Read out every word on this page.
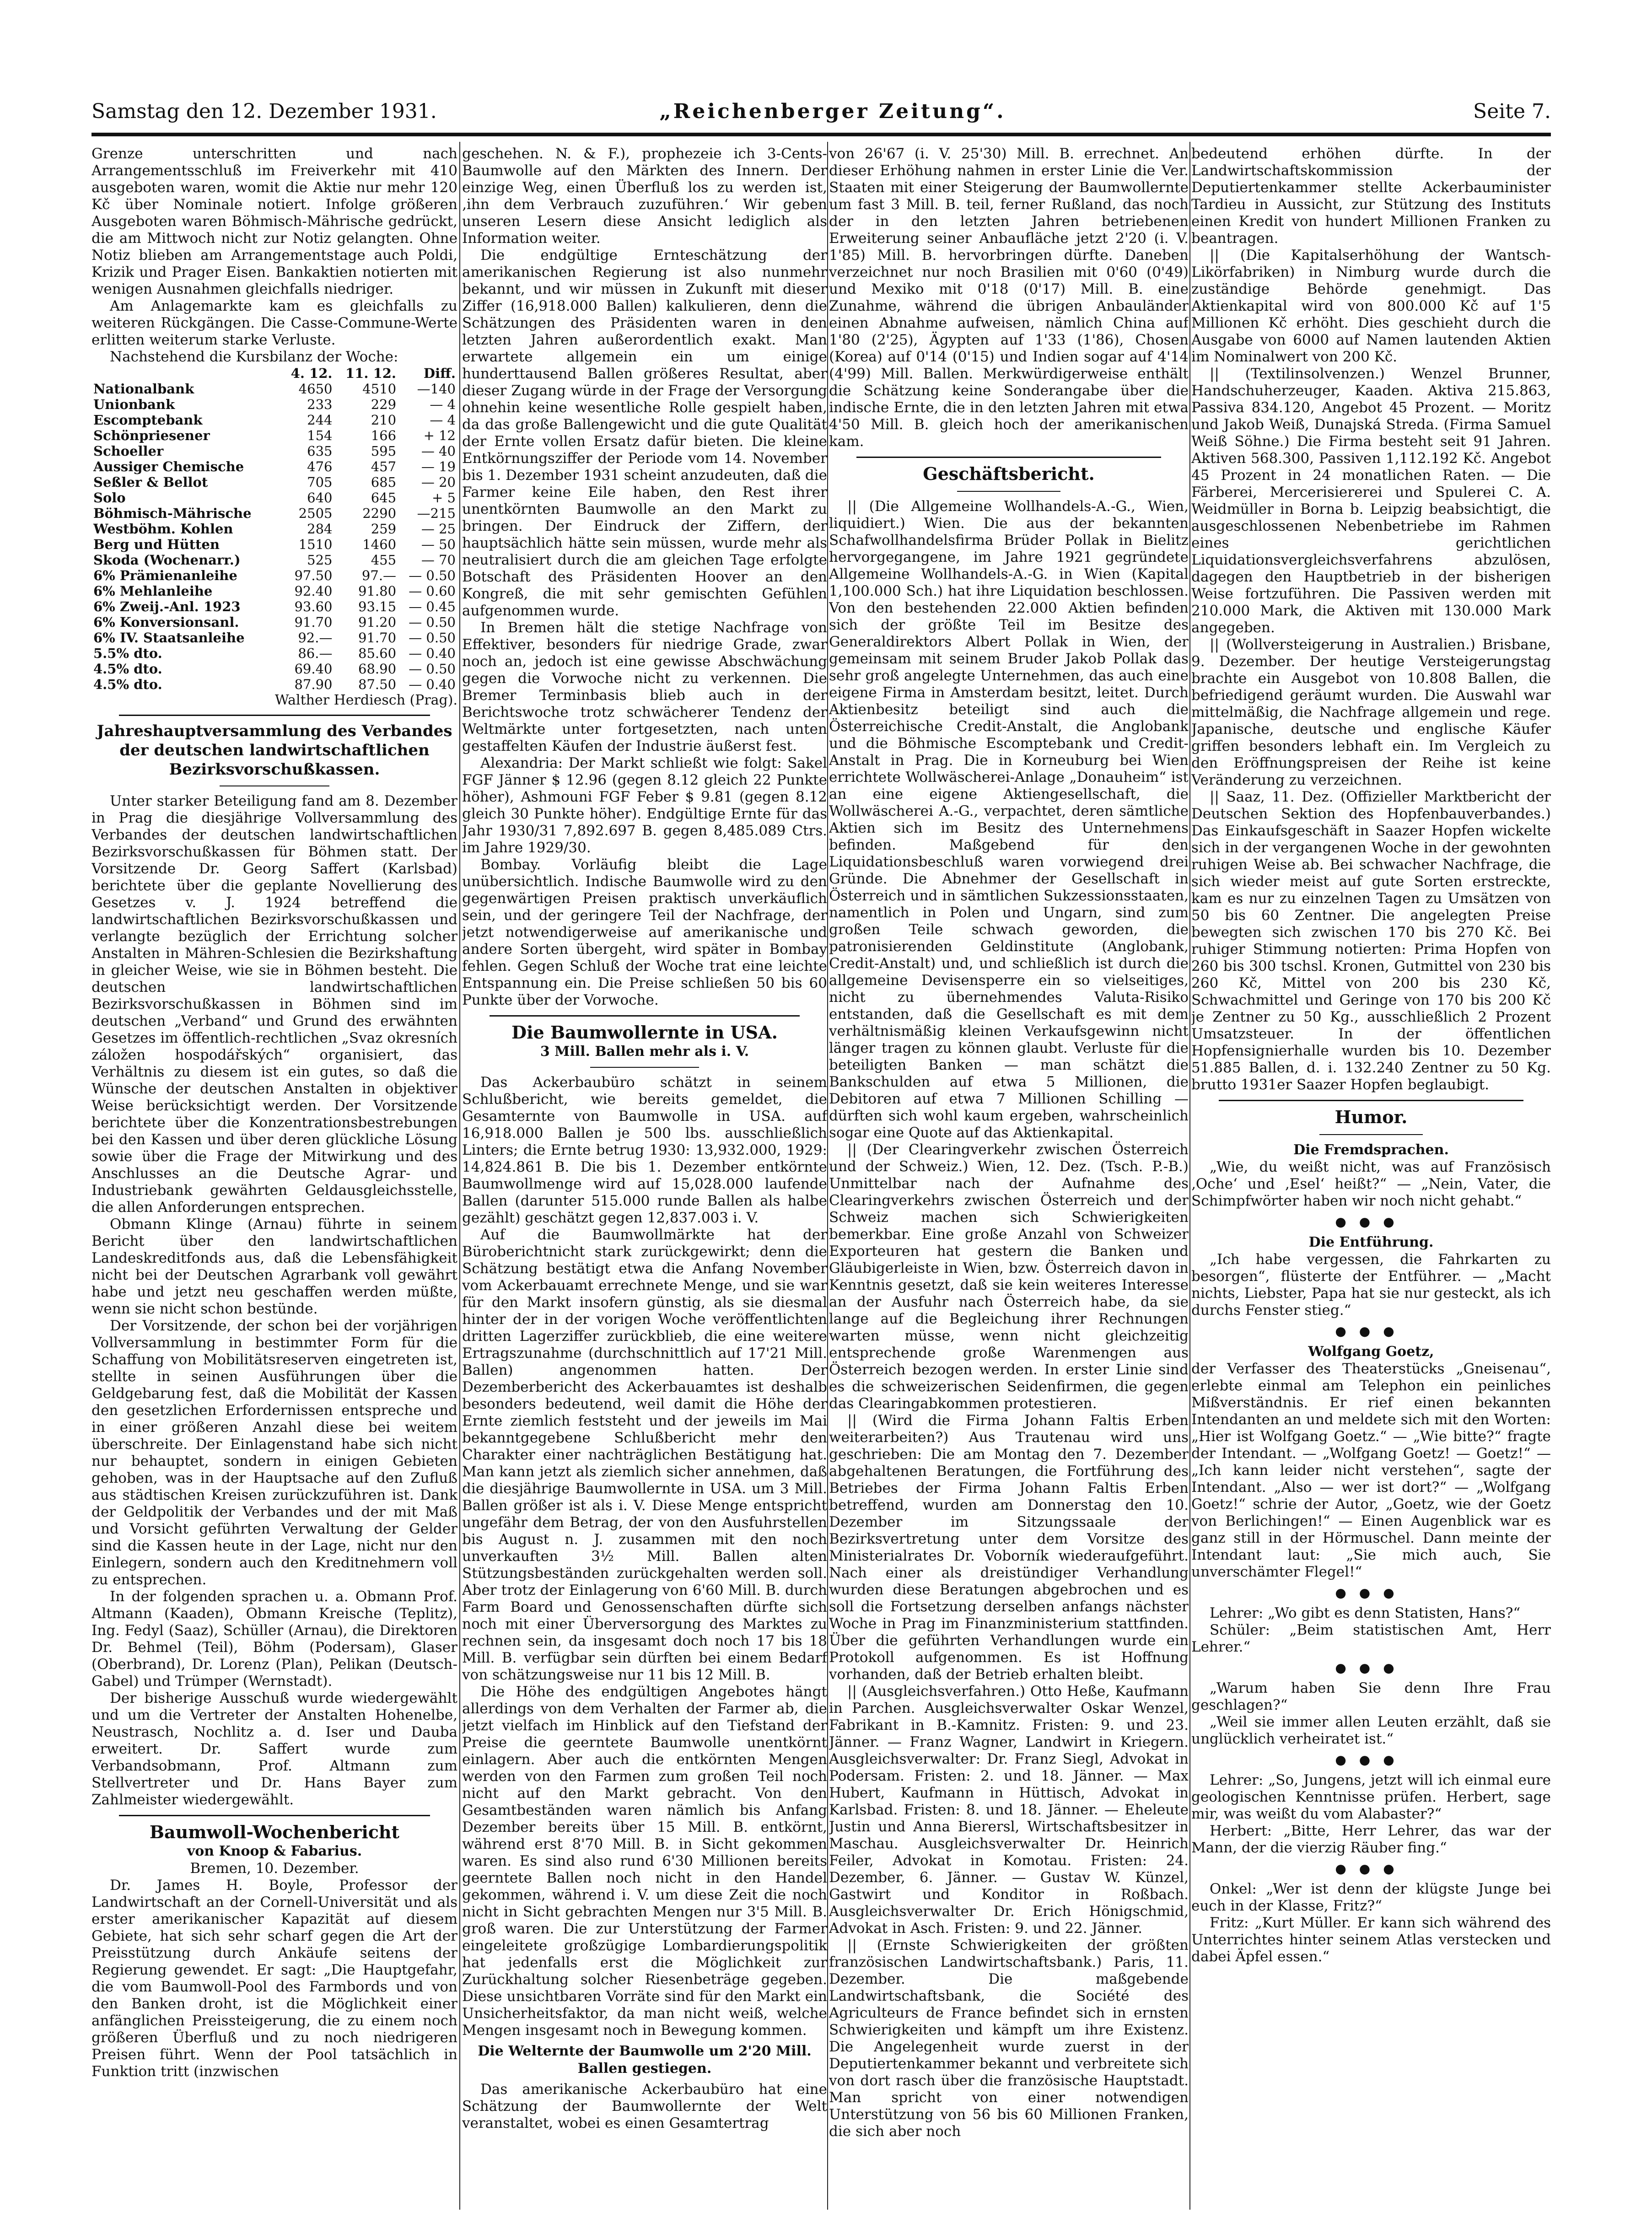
Samstag den 12. Dezember 1931.	„Reichenberger Zeitung“.	Seite 7.

Grenze unterschritten und nach Arrangementsschluß im Freiverkehr mit 410 ausgeboten waren, womit die Aktie nur mehr 120 Kč über Nominale notiert. Infolge größeren Ausgeboten waren Böhmisch-Mährische gedrückt, die am Mittwoch nicht zur Notiz gelangten. Ohne Notiz blieben am Arrangementstage auch Poldi, Krizik und Prager Eisen. Bankaktien notierten mit wenigen Ausnahmen gleichfalls niedriger.

Am Anlagemarkte kam es gleichfalls zu weiteren Rückgängen. Die Casse-Commune-Werte erlitten weiterum starke Verluste.

Nachstehend die Kursbilanz der Woche:

	4. 12.	11. 12.	Diff.
Nationalbank	4650	4510	—140
Unionbank	233	229	— 4
Escomptebank	244	210	— 4
Schönpriesener	154	166	+ 12
Schoeller	635	595	— 40
Aussiger Chemische	476	457	— 19
Seßler & Bellot	705	685	— 20
Solo	640	645	+ 5
Böhmisch-Mährische	2505	2290	—215
Westböhm. Kohlen	284	259	— 25
Berg und Hütten	1510	1460	— 50
Skoda (Wochenarr.)	525	455	— 70
6% Prämienanleihe	97.50	97.—	— 0.50
6% Mehlanleihe	92.40	91.80	— 0.60
6% Zweij.-Anl. 1923	93.60	93.15	— 0.45
6% Konversionsanl.	91.70	91.20	— 0.50
6% IV. Staatsanleihe	92.—	91.70	— 0.50
5.5% dto.	86.—	85.60	— 0.40
4.5% dto.	69.40	68.90	— 0.50
4.5% dto.	87.90	87.50	— 0.40

Walther Herdiesch (Prag).

Jahreshauptversammlung des Verbandes der deutschen landwirtschaftlichen Bezirksvorschußkassen.

Unter starker Beteiligung fand am 8. Dezember in Prag die diesjährige Vollversammlung des Verbandes der deutschen landwirtschaftlichen Bezirksvorschußkassen für Böhmen statt. Der Vorsitzende Dr. Georg Saffert (Karlsbad) berichtete über die geplante Novellierung des Gesetzes v. J. 1924 betreffend die landwirtschaftlichen Bezirksvorschußkassen und verlangte bezüglich der Errichtung solcher Anstalten in Mähren-Schlesien die Bezirkshaftung in gleicher Weise, wie sie in Böhmen besteht. Die deutschen landwirtschaftlichen Bezirksvorschußkassen in Böhmen sind im deutschen „Verband“ und Grund des erwähnten Gesetzes im öffentlich-rechtlichen „Svaz okresních záložen hospodářských“ organisiert, das Verhältnis zu diesem ist ein gutes, so daß die Wünsche der deutschen Anstalten in objektiver Weise berücksichtigt werden. Der Vorsitzende berichtete über die Konzentrationsbestrebungen bei den Kassen und über deren glückliche Lösung sowie über die Frage der Mitwirkung und des Anschlusses an die Deutsche Agrar- und Industriebank gewährten Geldausgleichsstelle, die allen Anforderungen entsprechen.

Obmann Klinge (Arnau) führte in seinem Bericht über den landwirtschaftlichen Landeskreditfonds aus, daß die Lebensfähigkeit nicht bei der Deutschen Agrarbank voll gewährt habe und jetzt neu geschaffen werden müßte, wenn sie nicht schon bestünde.

Der Vorsitzende, der schon bei der vorjährigen Vollversammlung in bestimmter Form für die Schaffung von Mobilitätsreserven eingetreten ist, stellte in seinen Ausführungen über die Geldgebarung fest, daß die Mobilität der Kassen den gesetzlichen Erfordernissen entspreche und in einer größeren Anzahl diese bei weitem überschreite. Der Einlagenstand habe sich nicht nur behauptet, sondern in einigen Gebieten gehoben, was in der Hauptsache auf den Zufluß aus städtischen Kreisen zurückzuführen ist. Dank der Geldpolitik der Verbandes und der mit Maß und Vorsicht geführten Verwaltung der Gelder sind die Kassen heute in der Lage, nicht nur den Einlegern, sondern auch den Kreditnehmern voll zu entsprechen.

In der folgenden sprachen u. a. Obmann Prof. Altmann (Kaaden), Obmann Kreische (Teplitz), Ing. Fedyl (Saaz), Schüller (Arnau), die Direktoren Dr. Behmel (Teil), Böhm (Podersam), Glaser (Oberbrand), Dr. Lorenz (Plan), Pelikan (Deutsch-Gabel) und Trümper (Wernstadt).

Der bisherige Ausschuß wurde wiedergewählt und um die Vertreter der Anstalten Hohenelbe, Neustrasch, Nochlitz a. d. Iser und Dauba erweitert. Dr. Saffert wurde zum Verbandsobmann, Prof. Altmann zum Stellvertreter und Dr. Hans Bayer zum Zahlmeister wiedergewählt.

Baumwoll-Wochenbericht

von Knoop & Fabarius.

Bremen, 10. Dezember.

Dr. James H. Boyle, Professor der Landwirtschaft an der Cornell-Universität und als erster amerikanischer Kapazität auf diesem Gebiete, hat sich sehr scharf gegen die Art der Preisstützung durch Ankäufe seitens der Regierung gewendet. Er sagt: „Die Hauptgefahr, die vom Baumwoll-Pool des Farmbords und von den Banken droht, ist die Möglichkeit einer anfänglichen Preissteigerung, die zu einem noch größeren Überfluß und zu noch niedrigeren Preisen führt. Wenn der Pool tatsächlich in Funktion tritt (inzwischen

geschehen. N. & F.), prophezeie ich 3-Cents-Baumwolle auf den Märkten des Innern. Der einzige Weg, einen Überfluß los zu werden ist, ‚ihn dem Verbrauch zuzuführen.‘ Wir geben unseren Lesern diese Ansicht lediglich als Information weiter.

Die endgültige Ernteschätzung der amerikanischen Regierung ist also nunmehr bekannt, und wir müssen in Zukunft mit dieser Ziffer (16,918.000 Ballen) kalkulieren, denn die Schätzungen des Präsidenten waren in den letzten Jahren außerordentlich exakt. Man erwartete allgemein ein um einige hunderttausend Ballen größeres Resultat, aber dieser Zugang würde in der Frage der Versorgung ohnehin keine wesentliche Rolle gespielt haben, da das große Ballengewicht und die gute Qualität der Ernte vollen Ersatz dafür bieten. Die kleine Entkörnungsziffer der Periode vom 14. November bis 1. Dezember 1931 scheint anzudeuten, daß die Farmer keine Eile haben, den Rest ihrer unentkörnten Baumwolle an den Markt zu bringen. Der Eindruck der Ziffern, der hauptsächlich hätte sein müssen, wurde mehr als neutralisiert durch die am gleichen Tage erfolgte Botschaft des Präsidenten Hoover an den Kongreß, die mit sehr gemischten Gefühlen aufgenommen wurde.

In Bremen hält die stetige Nachfrage von Effektiver, besonders für niedrige Grade, zwar noch an, jedoch ist eine gewisse Abschwächung gegen die Vorwoche nicht zu verkennen. Die Bremer Terminbasis blieb auch in der Berichtswoche trotz schwächerer Tendenz der Weltmärkte unter fortgesetzten, nach unten gestaffelten Käufen der Industrie äußerst fest.

Alexandria: Der Markt schließt wie folgt: Sakel FGF Jänner $ 12.96 (gegen 8.12 gleich 22 Punkte höher), Ashmouni FGF Feber $ 9.81 (gegen 8.12 gleich 30 Punkte höher). Endgültige Ernte für das Jahr 1930/31 7,892.697 B. gegen 8,485.089 Ctrs. im Jahre 1929/30.

Bombay. Vorläufig bleibt die Lage unübersichtlich. Indische Baumwolle wird zu den gegenwärtigen Preisen praktisch unverkäuflich sein, und der geringere Teil der Nachfrage, der jetzt notwendigerweise auf amerikanische und andere Sorten übergeht, wird später in Bombay fehlen. Gegen Schluß der Woche trat eine leichte Entspannung ein. Die Preise schließen 50 bis 60 Punkte über der Vorwoche.

Die Baumwollernte in USA.

3 Mill. Ballen mehr als i. V.

Das Ackerbaubüro schätzt in seinem Schlußbericht, wie bereits gemeldet, die Gesamternte von Baumwolle in USA. auf 16,918.000 Ballen je 500 lbs. ausschließlich Linters; die Ernte betrug 1930: 13,932.000, 1929: 14,824.861 B. Die bis 1. Dezember entkörnte Baumwollmenge wird auf 15,028.000 laufende Ballen (darunter 515.000 runde Ballen als halbe gezählt) geschätzt gegen 12,837.003 i. V.

Auf die Baumwollmärkte hat der Büroberichtnicht stark zurückgewirkt; denn die Schätzung bestätigt etwa die Anfang November vom Ackerbauamt errechnete Menge, und sie war für den Markt insofern günstig, als sie diesmal hinter der in der vorigen Woche veröffentlichten dritten Lagerziffer zurückblieb, die eine weitere Ertragszunahme (durchschnittlich auf 17'21 Mill. Ballen) angenommen hatten. Der Dezemberbericht des Ackerbauamtes ist deshalb besonders bedeutend, weil damit die Höhe der Ernte ziemlich feststeht und der jeweils im Mai bekanntgegebene Schlußbericht mehr den Charakter einer nachträglichen Bestätigung hat. Man kann jetzt als ziemlich sicher annehmen, daß die diesjährige Baumwollernte in USA. um 3 Mill. Ballen größer ist als i. V. Diese Menge entspricht ungefähr dem Betrag, der von den Ausfuhrstellen bis August n. J. zusammen mit den noch unverkauften 3½ Mill. Ballen alten Stützungsbeständen zurückgehalten werden soll. Aber trotz der Einlagerung von 6'60 Mill. B. durch Farm Board und Genossenschaften dürfte sich noch mit einer Überversorgung des Marktes zu rechnen sein, da insgesamt doch noch 17 bis 18 Mill. B. verfügbar sein dürften bei einem Bedarf von schätzungsweise nur 11 bis 12 Mill. B.

Die Höhe des endgültigen Angebotes hängt allerdings von dem Verhalten der Farmer ab, die jetzt vielfach im Hinblick auf den Tiefstand der Preise die geerntete Baumwolle unentkörnt einlagern. Aber auch die entkörnten Mengen werden von den Farmen zum großen Teil noch nicht auf den Markt gebracht. Von den Gesamtbeständen waren nämlich bis Anfang Dezember bereits über 15 Mill. B. entkörnt, während erst 8'70 Mill. B. in Sicht gekommen waren. Es sind also rund 6'30 Millionen bereits geerntete Ballen noch nicht in den Handel gekommen, während i. V. um diese Zeit die noch nicht in Sicht gebrachten Mengen nur 3'5 Mill. B. groß waren. Die zur Unterstützung der Farmer eingeleitete großzügige Lombardierungspolitik hat jedenfalls erst die Möglichkeit zur Zurückhaltung solcher Riesenbeträge gegeben. Diese unsichtbaren Vorräte sind für den Markt ein Unsicherheitsfaktor, da man nicht weiß, welche Mengen insgesamt noch in Bewegung kommen.

Die Welternte der Baumwolle um 2'20 Mill. Ballen gestiegen.

Das amerikanische Ackerbaubüro hat eine Schätzung der Baumwollernte der Welt veranstaltet, wobei es einen Gesamtertrag

von 26'67 (i. V. 25'30) Mill. B. errechnet. An dieser Erhöhung nahmen in erster Linie die Ver. Staaten mit einer Steigerung der Baumwollernte um fast 3 Mill. B. teil, ferner Rußland, das noch der in den letzten Jahren betriebenen Erweiterung seiner Anbaufläche jetzt 2'20 (i. V. 1'85) Mill. B. hervorbringen dürfte. Daneben verzeichnet nur noch Brasilien mit 0'60 (0'49) und Mexiko mit 0'18 (0'17) Mill. B. eine Zunahme, während die übrigen Anbauländer einen Abnahme aufweisen, nämlich China auf 1'80 (2'25), Ägypten auf 1'33 (1'86), Chosen (Korea) auf 0'14 (0'15) und Indien sogar auf 4'14 (4'99) Mill. Ballen. Merkwürdigerweise enthält die Schätzung keine Sonderangabe über die indische Ernte, die in den letzten Jahren mit etwa 4'50 Mill. B. gleich hoch der amerikanischen kam.

Geschäftsbericht.

|| (Die Allgemeine Wollhandels-A.-G., Wien, liquidiert.) Wien. Die aus der bekannten Schafwollhandelsfirma Brüder Pollak in Bielitz hervorgegangene, im Jahre 1921 gegründete Allgemeine Wollhandels-A.-G. in Wien (Kapital 1,100.000 Sch.) hat ihre Liquidation beschlossen. Von den bestehenden 22.000 Aktien befinden sich der größte Teil im Besitze des Generaldirektors Albert Pollak in Wien, der gemeinsam mit seinem Bruder Jakob Pollak das sehr groß angelegte Unternehmen, das auch eine eigene Firma in Amsterdam besitzt, leitet. Durch Aktienbesitz beteiligt sind auch die Österreichische Credit-Anstalt, die Anglobank und die Böhmische Escomptebank und Credit-Anstalt in Prag. Die in Korneuburg bei Wien errichtete Wollwäscherei-Anlage „Donauheim“ ist an eine eigene Aktiengesellschaft, die Wollwäscherei A.-G., verpachtet, deren sämtliche Aktien sich im Besitz des Unternehmens befinden. Maßgebend für den Liquidationsbeschluß waren vorwiegend drei Gründe. Die Abnehmer der Gesellschaft in Österreich und in sämtlichen Sukzessionsstaaten, namentlich in Polen und Ungarn, sind zum großen Teile schwach geworden, die patronisierenden Geldinstitute (Anglobank, Credit-Anstalt) und, und schließlich ist durch die allgemeine Devisensperre ein so vielseitiges, nicht zu übernehmendes Valuta-Risiko entstanden, daß die Gesellschaft es mit dem verhältnismäßig kleinen Verkaufsgewinn nicht länger tragen zu können glaubt. Verluste für die beteiligten Banken — man schätzt die Bankschulden auf etwa 5 Millionen, die Debitoren auf etwa 7 Millionen Schilling — dürften sich wohl kaum ergeben, wahrscheinlich sogar eine Quote auf das Aktienkapital.

|| (Der Clearingverkehr zwischen Österreich und der Schweiz.) Wien, 12. Dez. (Tsch. P.-B.) Unmittelbar nach der Aufnahme des Clearingverkehrs zwischen Österreich und der Schweiz machen sich Schwierigkeiten bemerkbar. Eine große Anzahl von Schweizer Exporteuren hat gestern die Banken und Gläubigerleiste in Wien, bzw. Österreich davon in Kenntnis gesetzt, daß sie kein weiteres Interesse an der Ausfuhr nach Österreich habe, da sie lange auf die Begleichung ihrer Rechnungen warten müsse, wenn nicht gleichzeitig entsprechende große Warenmengen aus Österreich bezogen werden. In erster Linie sind es die schweizerischen Seidenfirmen, die gegen das Clearingabkommen protestieren.

|| (Wird die Firma Johann Faltis Erben weiterarbeiten?) Aus Trautenau wird uns geschrieben: Die am Montag den 7. Dezember abgehaltenen Beratungen, die Fortführung des Betriebes der Firma Johann Faltis Erben betreffend, wurden am Donnerstag den 10. Dezember im Sitzungssaale der Bezirksvertretung unter dem Vorsitze des Ministerialrates Dr. Voborník wiederaufgeführt. Nach einer als dreistündiger Verhandlung wurden diese Beratungen abgebrochen und es soll die Fortsetzung derselben anfangs nächster Woche in Prag im Finanzministerium stattfinden. Über die geführten Verhandlungen wurde ein Protokoll aufgenommen. Es ist Hoffnung vorhanden, daß der Betrieb erhalten bleibt.

|| (Ausgleichsverfahren.) Otto Heße, Kaufmann in Parchen. Ausgleichsverwalter Oskar Wenzel, Fabrikant in B.-Kamnitz. Fristen: 9. und 23. Jänner. — Franz Wagner, Landwirt in Kriegern. Ausgleichsverwalter: Dr. Franz Siegl, Advokat in Podersam. Fristen: 2. und 18. Jänner. — Max Hubert, Kaufmann in Hüttisch, Advokat in Karlsbad. Fristen: 8. und 18. Jänner. — Eheleute Justin und Anna Bierersl, Wirtschaftsbesitzer in Maschau. Ausgleichsverwalter Dr. Heinrich Feiler, Advokat in Komotau. Fristen: 24. Dezember, 6. Jänner. — Gustav W. Künzel, Gastwirt und Konditor in Roßbach. Ausgleichsverwalter Dr. Erich Hönigschmid, Advokat in Asch. Fristen: 9. und 22. Jänner.

|| (Ernste Schwierigkeiten der größten französischen Landwirtschaftsbank.) Paris, 11. Dezember. Die maßgebende Landwirtschaftsbank, die Société des Agriculteurs de France befindet sich in ernsten Schwierigkeiten und kämpft um ihre Existenz. Die Angelegenheit wurde zuerst in der Deputiertenkammer bekannt und verbreitete sich von dort rasch über die französische Hauptstadt. Man spricht von einer notwendigen Unterstützung von 56 bis 60 Millionen Franken, die sich aber noch

bedeutend erhöhen dürfte. In der Landwirtschaftskommission der Deputiertenkammer stellte Ackerbauminister Tardieu in Aussicht, zur Stützung des Instituts einen Kredit von hundert Millionen Franken zu beantragen.

|| (Die Kapitalserhöhung der Wantsch-Likörfabriken) in Nimburg wurde durch die zuständige Behörde genehmigt. Das Aktienkapital wird von 800.000 Kč auf 1'5 Millionen Kč erhöht. Dies geschieht durch die Ausgabe von 6000 auf Namen lautenden Aktien im Nominalwert von 200 Kč.

|| (Textilinsolvenzen.) Wenzel Brunner, Handschuherzeuger, Kaaden. Aktiva 215.863, Passiva 834.120, Angebot 45 Prozent. — Moritz und Jakob Weiß, Dunajská Streda. (Firma Samuel Weiß Söhne.) Die Firma besteht seit 91 Jahren. Aktiven 568.300, Passiven 1,112.192 Kč. Angebot 45 Prozent in 24 monatlichen Raten. — Die Färberei, Mercerisiererei und Spulerei C. A. Weidmüller in Borna b. Leipzig beabsichtigt, die ausgeschlossenen Nebenbetriebe im Rahmen eines gerichtlichen Liquidationsvergleichsverfahrens abzulösen, dagegen den Hauptbetrieb in der bisherigen Weise fortzuführen. Die Passiven werden mit 210.000 Mark, die Aktiven mit 130.000 Mark angegeben.

|| (Wollversteigerung in Australien.) Brisbane, 9. Dezember. Der heutige Versteigerungstag brachte ein Ausgebot von 10.808 Ballen, die befriedigend geräumt wurden. Die Auswahl war mittelmäßig, die Nachfrage allgemein und rege. Japanische, deutsche und englische Käufer griffen besonders lebhaft ein. Im Vergleich zu den Eröffnungspreisen der Reihe ist keine Veränderung zu verzeichnen.

|| Saaz, 11. Dez. (Offizieller Marktbericht der Deutschen Sektion des Hopfenbauverbandes.) Das Einkaufsgeschäft in Saazer Hopfen wickelte sich in der vergangenen Woche in der gewohnten ruhigen Weise ab. Bei schwacher Nachfrage, die sich wieder meist auf gute Sorten erstreckte, kam es nur zu einzelnen Tagen zu Umsätzen von 50 bis 60 Zentner. Die angelegten Preise bewegten sich zwischen 170 bis 270 Kč. Bei ruhiger Stimmung notierten: Prima Hopfen von 260 bis 300 tschsl. Kronen, Gutmittel von 230 bis 260 Kč, Mittel von 200 bis 230 Kč, Schwachmittel und Geringe von 170 bis 200 Kč je Zentner zu 50 Kg., ausschließlich 2 Prozent Umsatzsteuer. In der öffentlichen Hopfensignierhalle wurden bis 10. Dezember 51.885 Ballen, d. i. 132.240 Zentner zu 50 Kg. brutto 1931er Saazer Hopfen beglaubigt.

Humor.

Die Fremdsprachen.

„Wie, du weißt nicht, was auf Französisch ‚Oche‘ und ‚Esel‘ heißt?“ — „Nein, Vater, die Schimpfwörter haben wir noch nicht gehabt.“

●●●

Die Entführung.

„Ich habe vergessen, die Fahrkarten zu besorgen“, flüsterte der Entführer. — „Macht nichts, Liebster, Papa hat sie nur gesteckt, als ich durchs Fenster stieg.“

●●●

Wolfgang Goetz,

der Verfasser des Theaterstücks „Gneisenau“, erlebte einmal am Telephon ein peinliches Mißverständnis. Er rief einen bekannten Intendanten an und meldete sich mit den Worten: „Hier ist Wolfgang Goetz.“ — „Wie bitte?“ fragte der Intendant. — „Wolfgang Goetz! — Goetz!“ — „Ich kann leider nicht verstehen“, sagte der Intendant. „Also — wer ist dort?“ — „Wolfgang Goetz!“ schrie der Autor, „Goetz, wie der Goetz von Berlichingen!“ — Einen Augenblick war es ganz still in der Hörmuschel. Dann meinte der Intendant laut: „Sie mich auch, Sie unverschämter Flegel!“

●●●

Lehrer: „Wo gibt es denn Statisten, Hans?“

Schüler: „Beim statistischen Amt, Herr Lehrer.“

●●●

„Warum haben Sie denn Ihre Frau geschlagen?“

„Weil sie immer allen Leuten erzählt, daß sie unglücklich verheiratet ist.“

●●●

Lehrer: „So, Jungens, jetzt will ich einmal eure geologischen Kenntnisse prüfen. Herbert, sage mir, was weißt du vom Alabaster?“

Herbert: „Bitte, Herr Lehrer, das war der Mann, der die vierzig Räuber fing.“

●●●

Onkel: „Wer ist denn der klügste Junge bei euch in der Klasse, Fritz?“

Fritz: „Kurt Müller. Er kann sich während des Unterrichtes hinter seinem Atlas verstecken und dabei Äpfel essen.“
